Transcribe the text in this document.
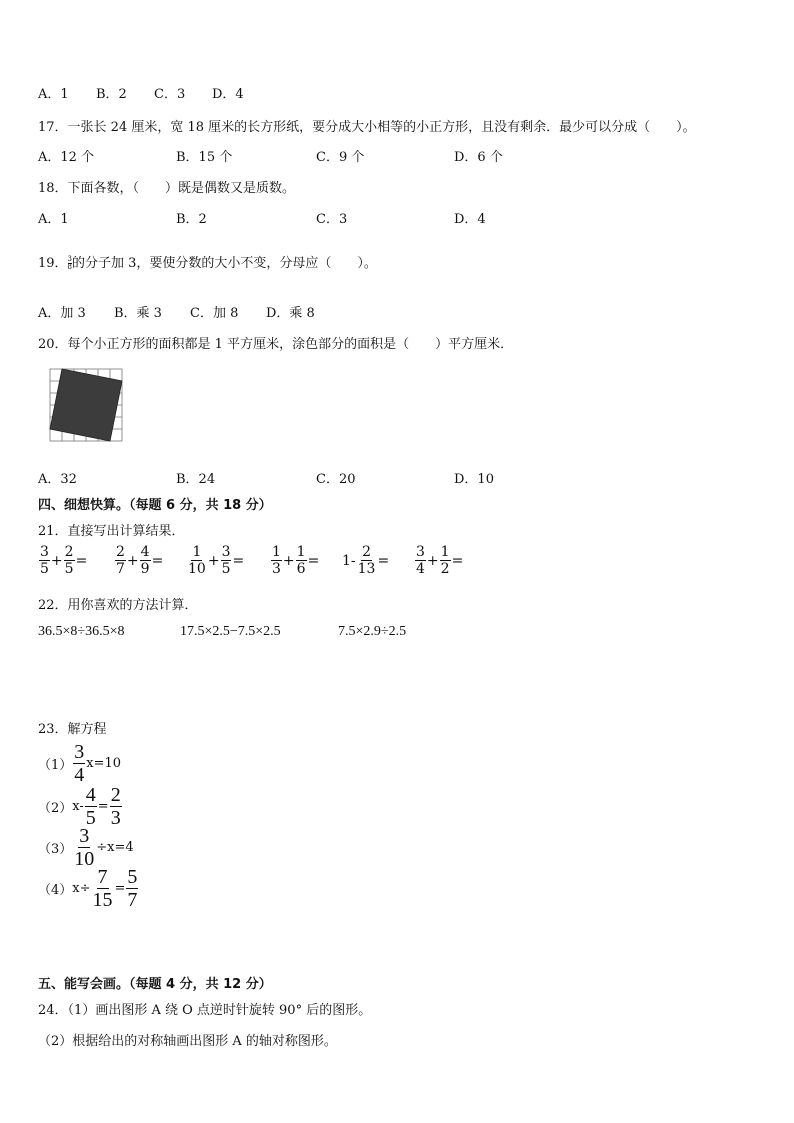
A．1 B．2 C．3 D．4
17．一张长 24 厘米，宽 18 厘米的长方形纸，要分成大小相等的小正方形，且没有剩余．最少可以分成（　　）。
A．12 个	B．15 个	C．9 个	D．6 个
18．下面各数，（　　）既是偶数又是质数。
A．1	B．2	C．3	D．4
19． $\frac{3}{8}$ 的分子加 3，要使分数的大小不变，分母应（　　）。
A．加 3 B．乘 3 C．加 8 D．乘 8
20．每个小正方形的面积都是 1 平方厘米，涂色部分的面积是（　　）平方厘米．
A．32	B．24	C．20	D．10
四、细想快算。（每题 6 分，共 18 分）
21．直接写出计算结果．
$\frac{3}{5} + \frac{2}{5} = \frac{2}{7} + \frac{4}{9} = \frac{1}{10} + \frac{3}{5} = \frac{1}{3} + \frac{1}{6} = 1- \frac{2}{13} = \frac{3}{4} + \frac{1}{2}$ =
22．用你喜欢的方法计算．
36.5×8÷36.5×8	17.5×2.5−7.5×2.5	7.5×2.9÷2.5
23．解方程
$(1) \frac{3}{4} x=10$
（2） $x- \frac{4}{5} = \frac{2}{3}$
$(3) \frac{3}{10} \div x=4$
（4） $x\div \frac{7}{15} = \frac{5}{7}$
五、能写会画。（每题 4 分，共 12 分）
24．（1）画出图形 A 绕 O 点逆时针旋转 90° 后的图形。
（2）根据给出的对称轴画出图形 A 的轴对称图形。
